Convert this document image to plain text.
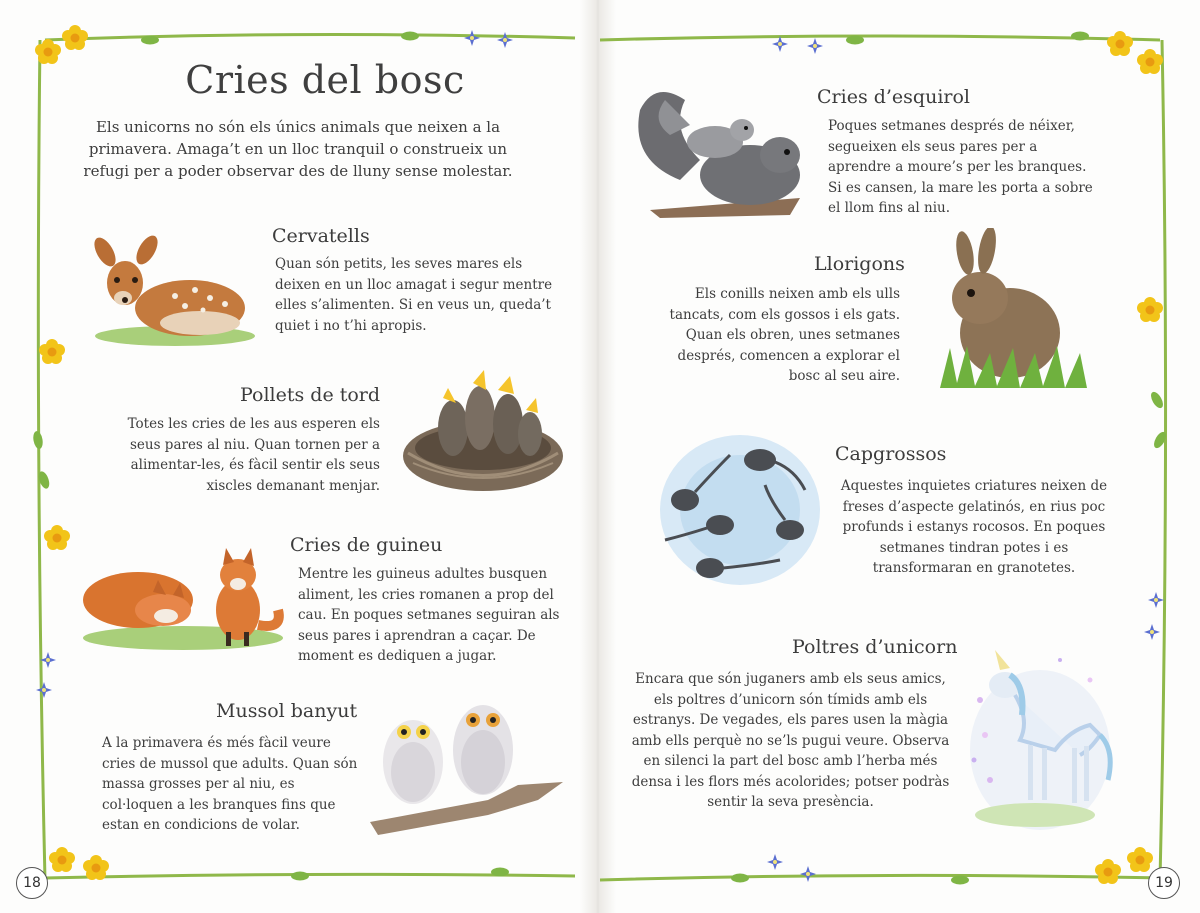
Cries del bosc
Els unicorns no són els únics animals que neixen a la primavera. Amaga’t en un lloc tranquil o construeix un refugi per a poder observar des de lluny sense molestar.
Cervatells
Quan són petits, les seves mares els deixen en un lloc amagat i segur mentre elles s’alimenten. Si en veus un, queda’t quiet i no t’hi apropis.
Pollets de tord
Totes les cries de les aus esperen els seus pares al niu. Quan tornen per a alimentar-les, és fàcil sentir els seus xiscles demanant menjar.
Cries de guineu
Mentre les guineus adultes busquen aliment, les cries romanen a prop del cau. En poques setmanes seguiran als seus pares i aprendran a caçar. De moment es dediquen a jugar.
Mussol banyut
A la primavera és més fàcil veure cries de mussol que adults. Quan són massa grosses per al niu, es col·loquen a les branques fins que estan en condicions de volar.
18
Cries d’esquirol
Poques setmanes després de néixer, segueixen els seus pares per a aprendre a moure’s per les branques. Si es cansen, la mare les porta a sobre el llom fins al niu.
Llorigons
Els conills neixen amb els ulls tancats, com els gossos i els gats. Quan els obren, unes setmanes després, comencen a explorar el bosc al seu aire.
Capgrossos
Aquestes inquietes criatures neixen de freses d’aspecte gelatinós, en rius poc profunds i estanys rocosos. En poques setmanes tindran potes i es transformaran en granotetes.
Poltres d’unicorn
Encara que són juganers amb els seus amics, els poltres d’unicorn són tímids amb els estranys. De vegades, els pares usen la màgia amb ells perquè no se’ls pugui veure. Observa en silenci la part del bosc amb l’herba més densa i les flors més acolorides; potser podràs sentir la seva presència.
19
